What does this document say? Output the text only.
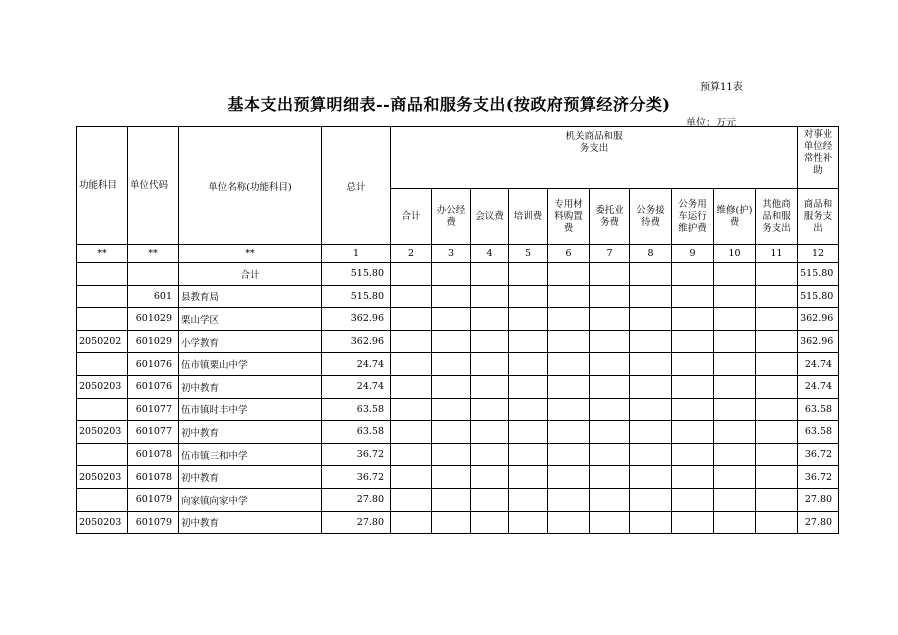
预算11表
基本支出预算明细表--商品和服务支出(按政府预算经济分类)
单位：万元
功能科目	单位代码	单位名称(功能科目)	总计	机关商品和服务支出										对事业单位经常性补助
				合计	办公经费	会议费	培训费	专用材料购置费	委托业务费	公务接待费	公务用车运行维护费	维修(护)费	其他商品和服务支出	商品和服务支出
**	**	**	1	2	3	4	5	6	7	8	9	10	11	12
		合计	515.80											515.80
	601	县教育局	515.80											515.80
	601029	栗山学区	362.96											362.96
2050202	601029	小学教育	362.96											362.96
	601076	伍市镇栗山中学	24.74											24.74
2050203	601076	初中教育	24.74											24.74
	601077	伍市镇时丰中学	63.58											63.58
2050203	601077	初中教育	63.58											63.58
	601078	伍市镇三和中学	36.72											36.72
2050203	601078	初中教育	36.72											36.72
	601079	向家镇向家中学	27.80											27.80
2050203	601079	初中教育	27.80											27.80
